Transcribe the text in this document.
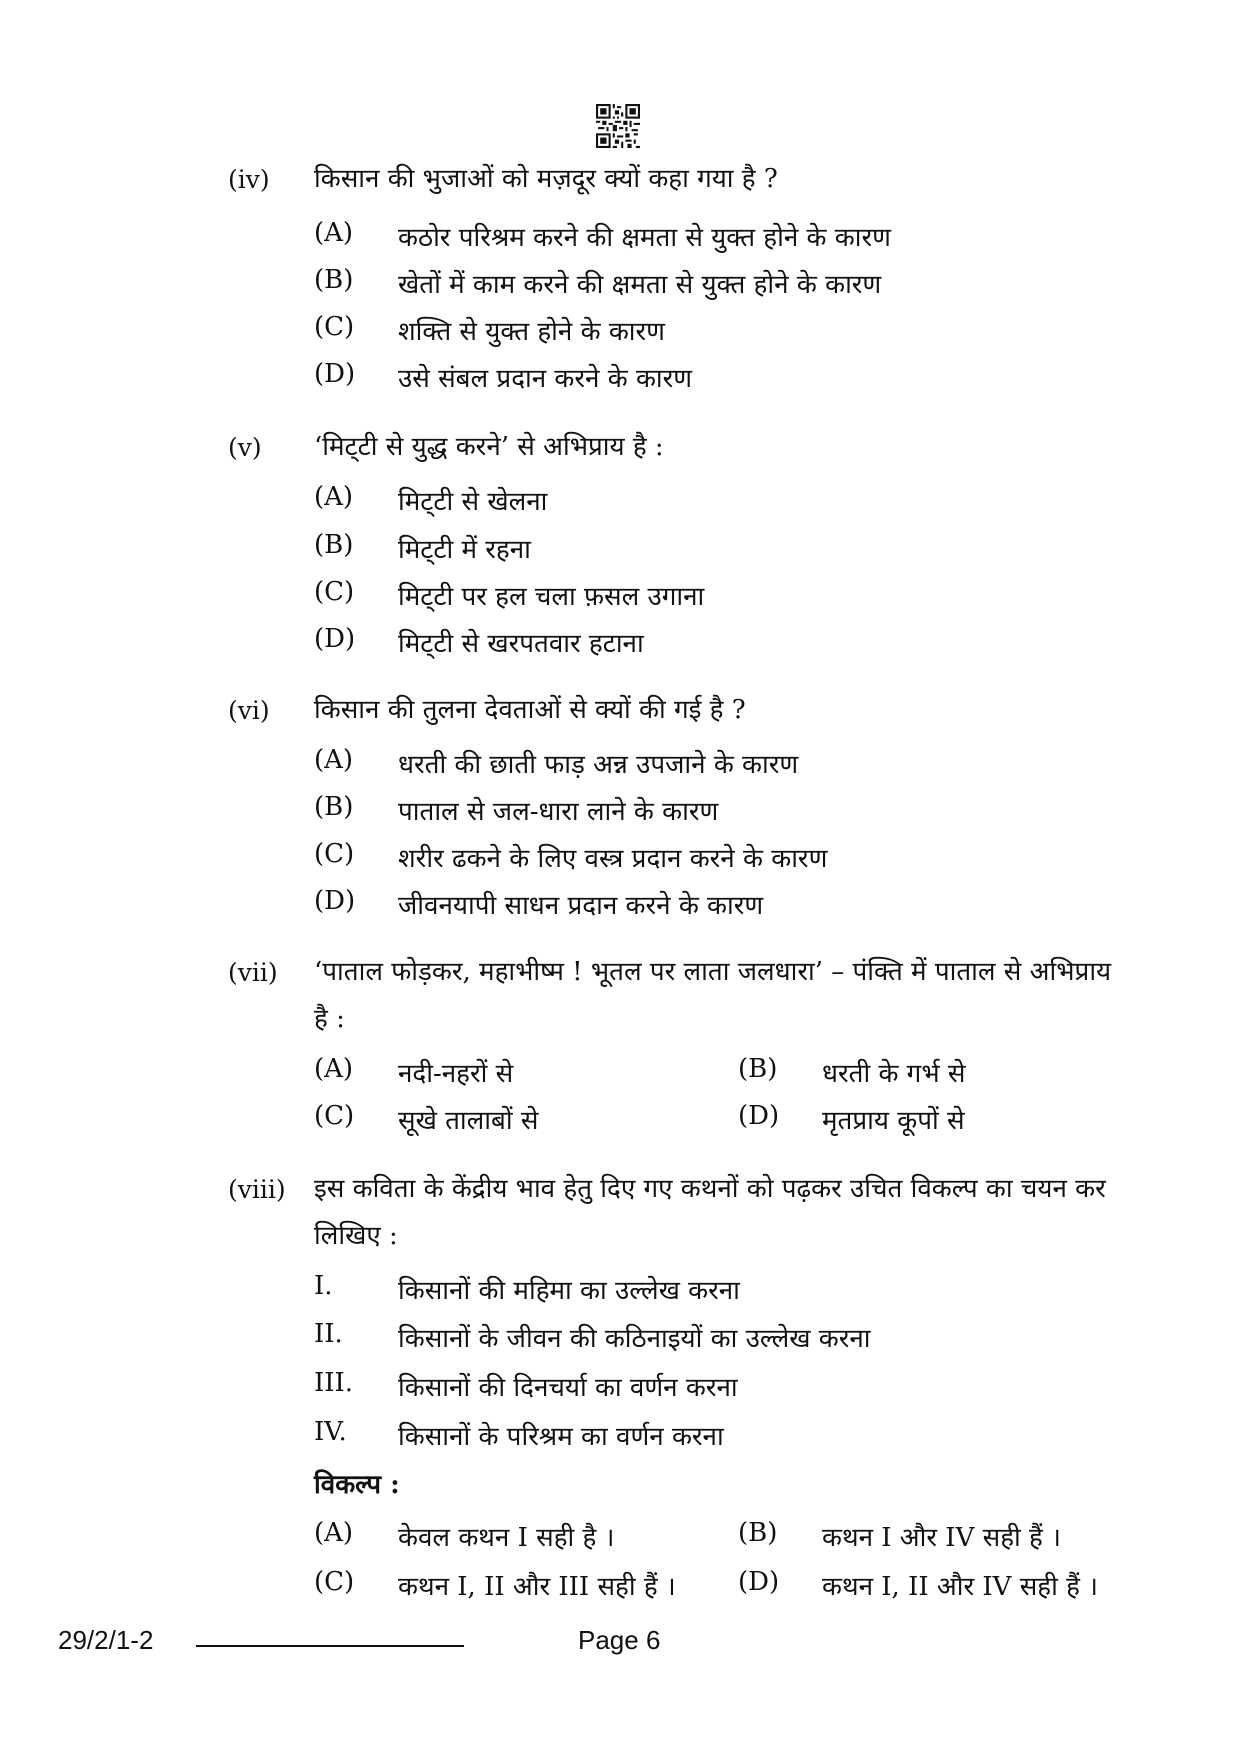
(iv) किसान की भुजाओं को मज़दूर क्यों कहा गया है ?
(A) कठोर परिश्रम करने की क्षमता से युक्त होने के कारण
(B) खेतों में काम करने की क्षमता से युक्त होने के कारण
(C) शक्ति से युक्त होने के कारण
(D) उसे संबल प्रदान करने के कारण
(v) ‘मिट्‌टी से युद्ध करने’ से अभिप्राय है :
(A) मिट्‌टी से खेलना
(B) मिट्‌टी में रहना
(C) मिट्‌टी पर हल चला फ़सल उगाना
(D) मिट्‌टी से खरपतवार हटाना
(vi) किसान की तुलना देवताओं से क्यों की गई है ?
(A) धरती की छाती फाड़ अन्न उपजाने के कारण
(B) पाताल से जल-धारा लाने के कारण
(C) शरीर ढकने के लिए वस्त्र प्रदान करने के कारण
(D) जीवनयापी साधन प्रदान करने के कारण
(vii) ‘पाताल फोड़कर, महाभीष्म ! भूतल पर लाता जलधारा’ – पंक्ति में पाताल से अभिप्राय है :
(A) नदी-नहरों से	(B) धरती के गर्भ से
(C) सूखे तालाबों से	(D) मृतप्राय कूपों से
(viii) इस कविता के केंद्रीय भाव हेतु दिए गए कथनों को पढ़कर उचित विकल्प का चयन कर लिखिए :
I.	किसानों की महिमा का उल्लेख करना
II. किसानों के जीवन की कठिनाइयों का उल्लेख करना
III. किसानों की दिनचर्या का वर्णन करना
IV. किसानों के परिश्रम का वर्णन करना
विकल्प :
(A) केवल कथन I सही है ।	(B) कथन I और IV सही हैं ।
(C) कथन I, II और III सही हैं । (D) कथन I, II और IV सही हैं ।
29/2/1-2	Page 6
